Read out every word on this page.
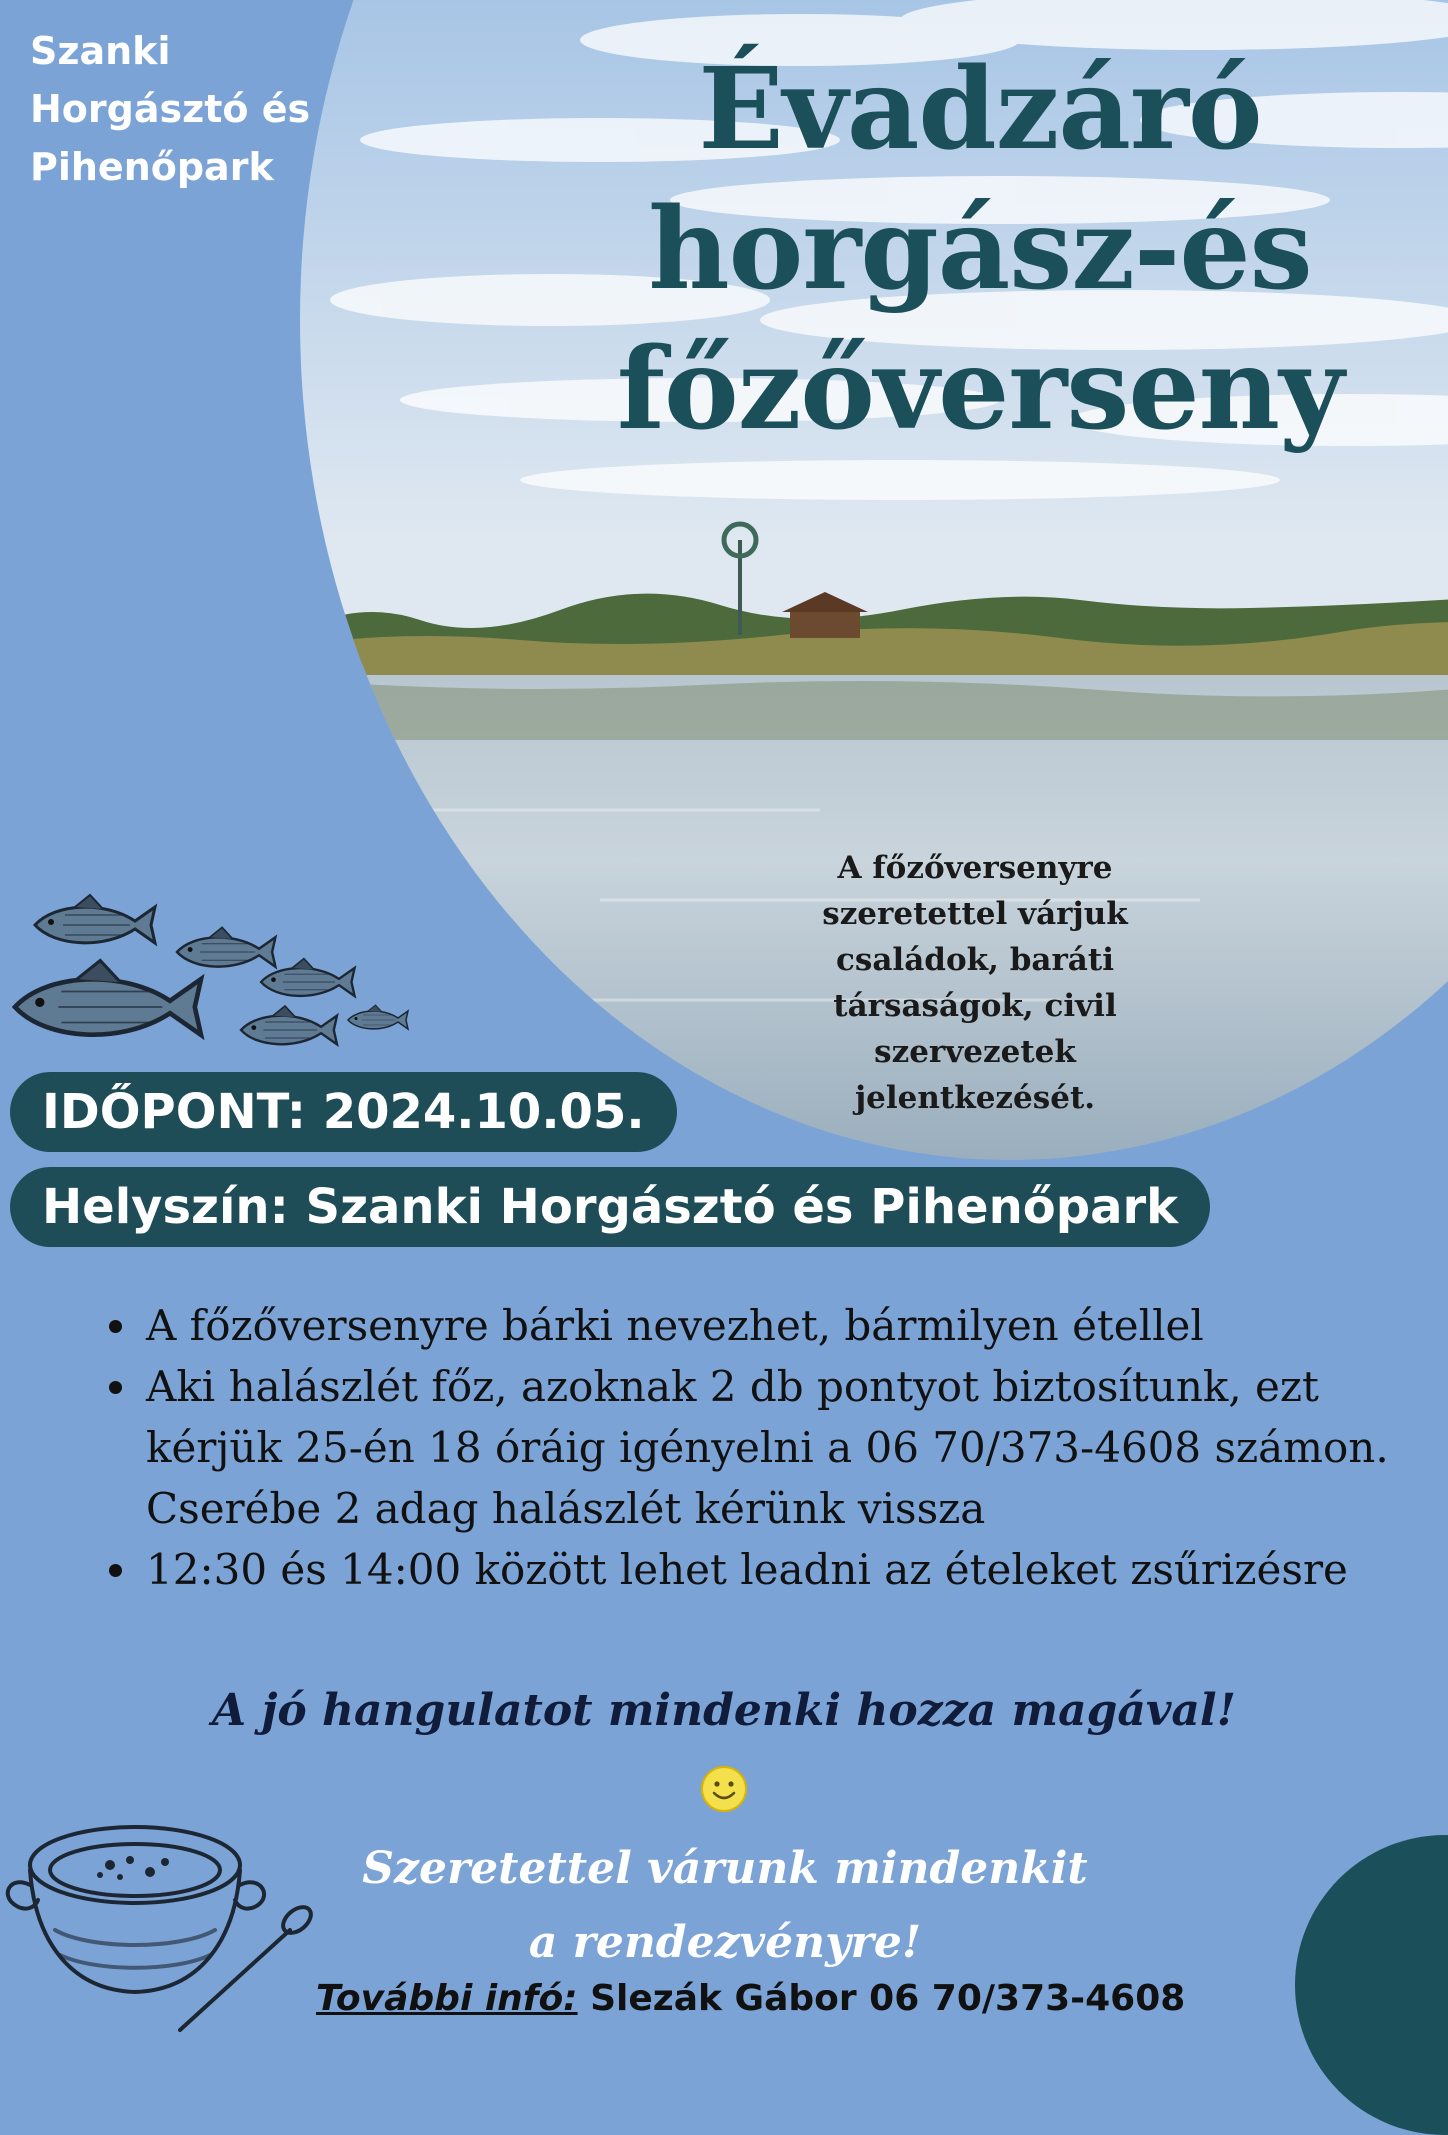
Szanki
Horgásztó és
Pihenőpark	Évadzáró
horgász-és
főzőverseny

A főzőversenyre
szeretettel várjuk
családok, baráti
társaságok, civil
szervezetek
jelentkezését.

IDŐPONT: 2024.10.05.
Helyszín: Szanki Horgásztó és Pihenőpark
• A főzőversenyre bárki nevezhet, bármilyen étellel
• Aki halászlét főz, azoknak 2 db pontyot biztosítunk, ezt kérjük 25-én 18 óráig igényelni a 06 70/373-4608 számon. Cserébe 2 adag halászlét kérünk vissza
• 12:30 és 14:00 között lehet leadni az ételeket zsűrizésre

A jó hangulatot mindenki hozza magával!

Szeretettel várunk mindenkit a rendezvényre!

További infó: Slezák Gábor 06 70/373-4608
